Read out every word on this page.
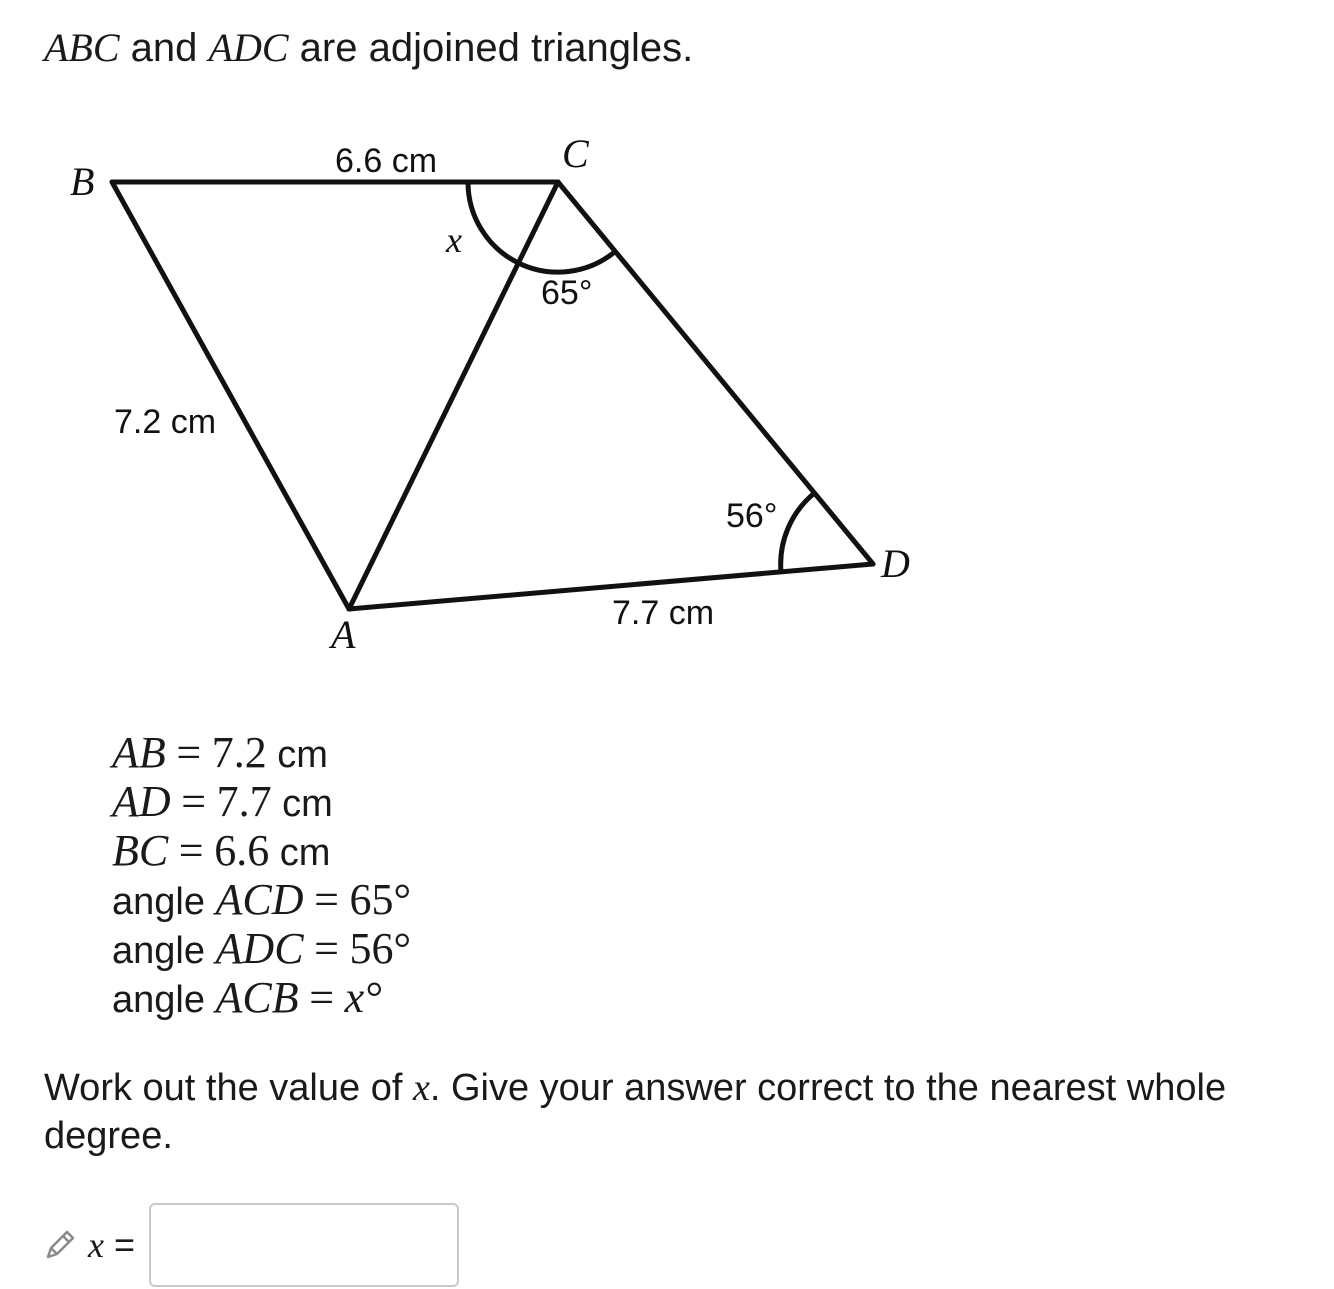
ABC and ADC are adjoined triangles.
B
C
A
D
6.6 cm
7.2 cm
7.7 cm
x
65°
56°
AB = 7.2 cm
AD = 7.7 cm
BC = 6.6 cm
angle ACD = 65°
angle ADC = 56°
angle ACB = x°
Work out the value of x. Give your answer correct to the nearest whole degree.
x =
